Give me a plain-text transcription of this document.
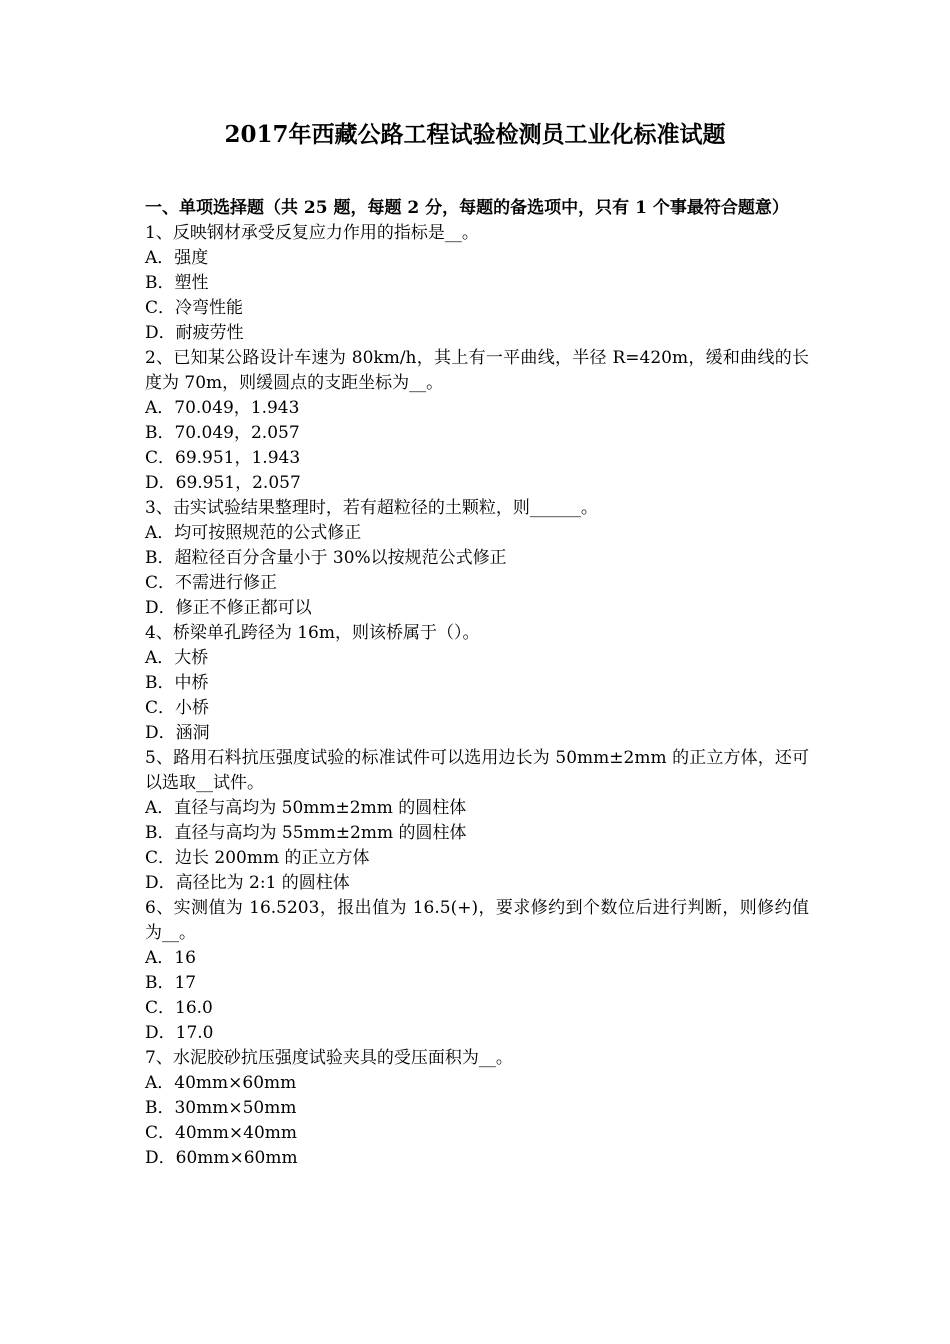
2017年西藏公路工程试验检测员工业化标准试题
一、单项选择题（共 25 题，每题 2 分，每题的备选项中，只有 1 个事最符合题意）
1、反映钢材承受反复应力作用的指标是__。
A．强度
B．塑性
C．冷弯性能
D．耐疲劳性
2、已知某公路设计车速为 80km/h，其上有一平曲线，半径 R=420m，缓和曲线的长度为 70m，则缓圆点的支距坐标为__。
A．70.049，1.943
B．70.049，2.057
C．69.951，1.943
D．69.951，2.057
3、击实试验结果整理时，若有超粒径的土颗粒，则______。
A．均可按照规范的公式修正
B．超粒径百分含量小于 30%以按规范公式修正
C．不需进行修正
D．修正不修正都可以
4、桥梁单孔跨径为 16m，则该桥属于（）。
A．大桥
B．中桥
C．小桥
D．涵洞
5、路用石料抗压强度试验的标准试件可以选用边长为 50mm±2mm 的正立方体，还可以选取__试件。
A．直径与高均为 50mm±2mm 的圆柱体
B．直径与高均为 55mm±2mm 的圆柱体
C．边长 200mm 的正立方体
D．高径比为 2:1 的圆柱体
6、实测值为 16.5203，报出值为 16.5(+)，要求修约到个数位后进行判断，则修约值为__。
A．16
B．17
C．16.0
D．17.0
7、水泥胶砂抗压强度试验夹具的受压面积为__。
A．40mm×60mm
B．30mm×50mm
C．40mm×40mm
D．60mm×60mm
